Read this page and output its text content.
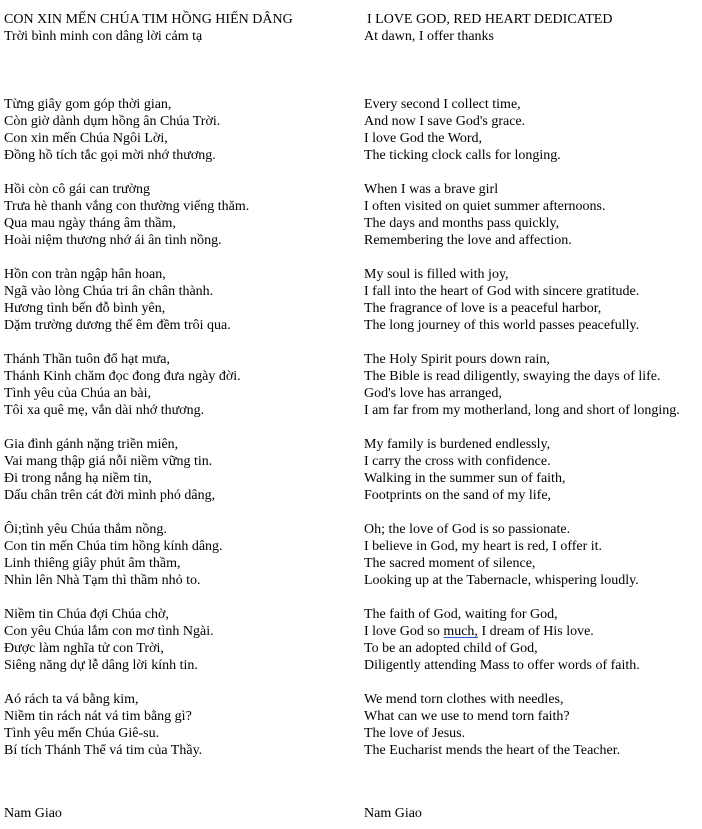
CON XIN MẾN CHÚA TIM HỒNG HIẾN DÂNG
Trời bình minh con dâng lời cảm tạ
Từng giây gom góp thời gian,
Còn giờ dành dụm hồng ân Chúa Trời.
Con xin mến Chúa Ngôi Lời,
Đồng hồ tích tắc gọi mời nhớ thương.
Hồi còn cô gái can trường
Trưa hè thanh vắng con thường viếng thăm.
Qua mau ngày tháng âm thầm,
Hoài niệm thương nhớ ái ân tình nồng.
Hồn con tràn ngập hân hoan,
Ngã vào lòng Chúa tri ân chân thành.
Hương tình bến đỗ bình yên,
Dặm trường dương thế êm đềm trôi qua.
Thánh Thần tuôn đổ hạt mưa,
Thánh Kinh chăm đọc đong đưa ngày đời.
Tình yêu của Chúa an bài,
Tôi xa quê mẹ, vắn dài nhớ thương.
Gia đình gánh nặng triền miên,
Vai mang thập giá nỗi niềm vững tin.
Đi trong nắng hạ niềm tin,
Dấu chân trên cát đời mình phó dâng,
Ôi;tình yêu Chúa thắm nồng.
Con tin mến Chúa tim hồng kính dâng.
Linh thiêng giây phút âm thầm,
Nhìn lên Nhà Tạm thì thầm nhỏ to.
Niềm tin Chúa đợi Chúa chờ,
Con yêu Chúa lắm con mơ tình Ngài.
Được làm nghĩa tử con Trời,
Siêng năng dự lễ dâng lời kính tin.
Aó rách ta vá bằng kim,
Niềm tin rách nát vá tim bằng gì?
Tình yêu mến Chúa Giê-su.
Bí tích Thánh Thể vá tim của Thầy.
I LOVE GOD, RED HEART DEDICATED
At dawn, I offer thanks
Every second I collect time,
And now I save God's grace.
I love God the Word,
The ticking clock calls for longing.
When I was a brave girl
I often visited on quiet summer afternoons.
The days and months pass quickly,
Remembering the love and affection.
My soul is filled with joy,
I fall into the heart of God with sincere gratitude.
The fragrance of love is a peaceful harbor,
The long journey of this world passes peacefully.
The Holy Spirit pours down rain,
The Bible is read diligently, swaying the days of life.
God's love has arranged,
I am far from my motherland, long and short of longing.
My family is burdened endlessly,
I carry the cross with confidence.
Walking in the summer sun of faith,
Footprints on the sand of my life,
Oh; the love of God is so passionate.
I believe in God, my heart is red, I offer it.
The sacred moment of silence,
Looking up at the Tabernacle, whispering loudly.
The faith of God, waiting for God,
I love God so much, I dream of His love.
To be an adopted child of God,
Diligently attending Mass to offer words of faith.
We mend torn clothes with needles,
What can we use to mend torn faith?
The love of Jesus.
The Eucharist mends the heart of the Teacher.
Nam Giao	Nam Giao
